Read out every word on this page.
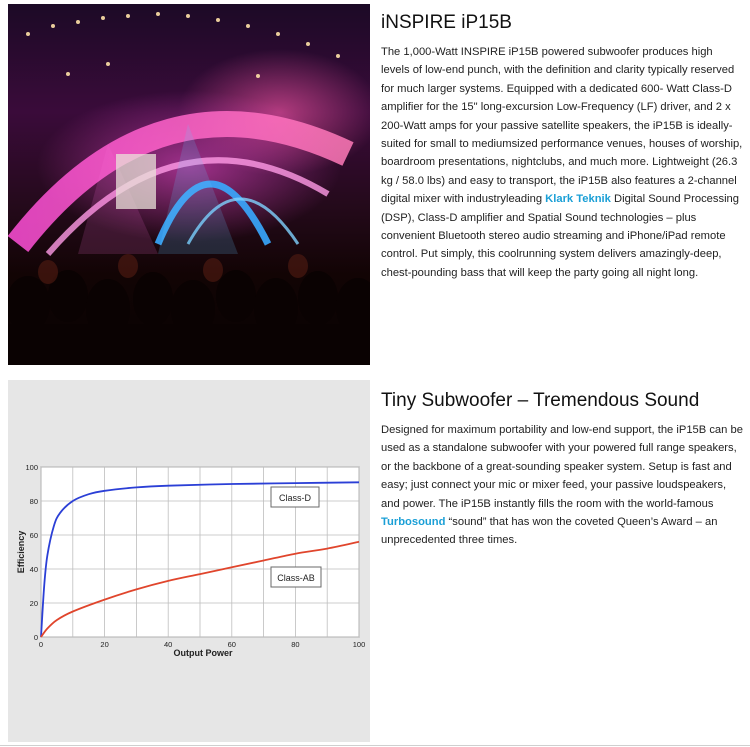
iNSPIRE iP15B

The 1,000-Watt INSPIRE iP15B powered subwoofer produces high levels of low-end punch, with the definition and clarity typically reserved for much larger systems. Equipped with a dedicated 600- Watt Class-D amplifier for the 15" long-excursion Low-Frequency (LF) driver, and 2 x 200-Watt amps for your passive satellite speakers, the iP15B is ideally-suited for small to mediumsized performance venues, houses of worship, boardroom presentations, nightclubs, and much more. Lightweight (26.3 kg / 58.0 lbs) and easy to transport, the iP15B also features a 2-channel digital mixer with industryleading Klark Teknik Digital Sound Processing (DSP), Class-D amplifier and Spatial Sound technologies – plus convenient Bluetooth stereo audio streaming and iPhone/iPad remote control. Put simply, this coolrunning system delivers amazingly-deep, chest-pounding bass that will keep the party going all night long.

0
20
40
60
80
100
0	20	40	60	80	100
Class-D
Class-AB
Output Power
Efficiency
Tiny Subwoofer – Tremendous Sound

Designed for maximum portability and low-end support, the iP15B can be used as a standalone subwoofer with your powered full range speakers, or the backbone of a great-sounding speaker system. Setup is fast and easy; just connect your mic or mixer feed, your passive loudspeakers, and power. The iP15B instantly fills the room with the world-famous Turbosound “sound” that has won the coveted Queen’s Award – an unprecedented three times.
